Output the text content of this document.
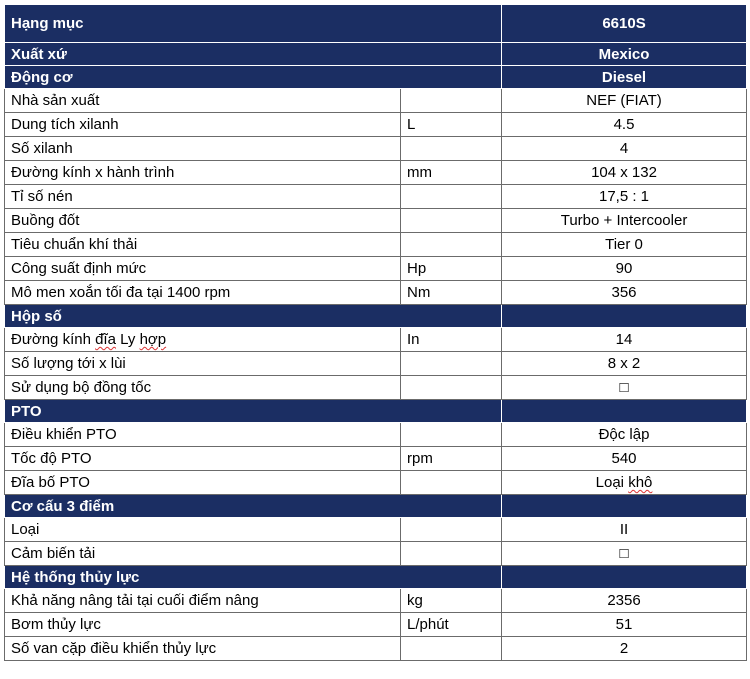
Hạng mục		6610S
Xuất xứ		Mexico
Động cơ		Diesel
Nhà sản xuất		NEF (FIAT)
Dung tích xilanh	L	4.5
Số xilanh		4
Đường kính x hành trình	mm	104 x 132
Tỉ số nén		17,5 : 1
Buồng đốt		Turbo + Intercooler
Tiêu chuẩn khí thải		Tier 0
Công suất định mức	Hp	90
Mô men xoắn tối đa tại 1400 rpm	Nm	356
Hộp số		
Đường kính đĩa Ly hợp	In	14
Số lượng tới x lùi		8 x 2
Sử dụng bộ đồng tốc		□
PTO		
Điều khiển PTO		Độc lập
Tốc độ PTO	rpm	540
Đĩa bố PTO		Loại khô
Cơ cấu 3 điểm		
Loại		II
Cảm biến tải		□
Hệ thống thủy lực		
Khả năng nâng tải tại cuối điểm nâng	kg	2356
Bơm thủy lực	L/phút	51
Số van cặp điều khiển thủy lực		2
